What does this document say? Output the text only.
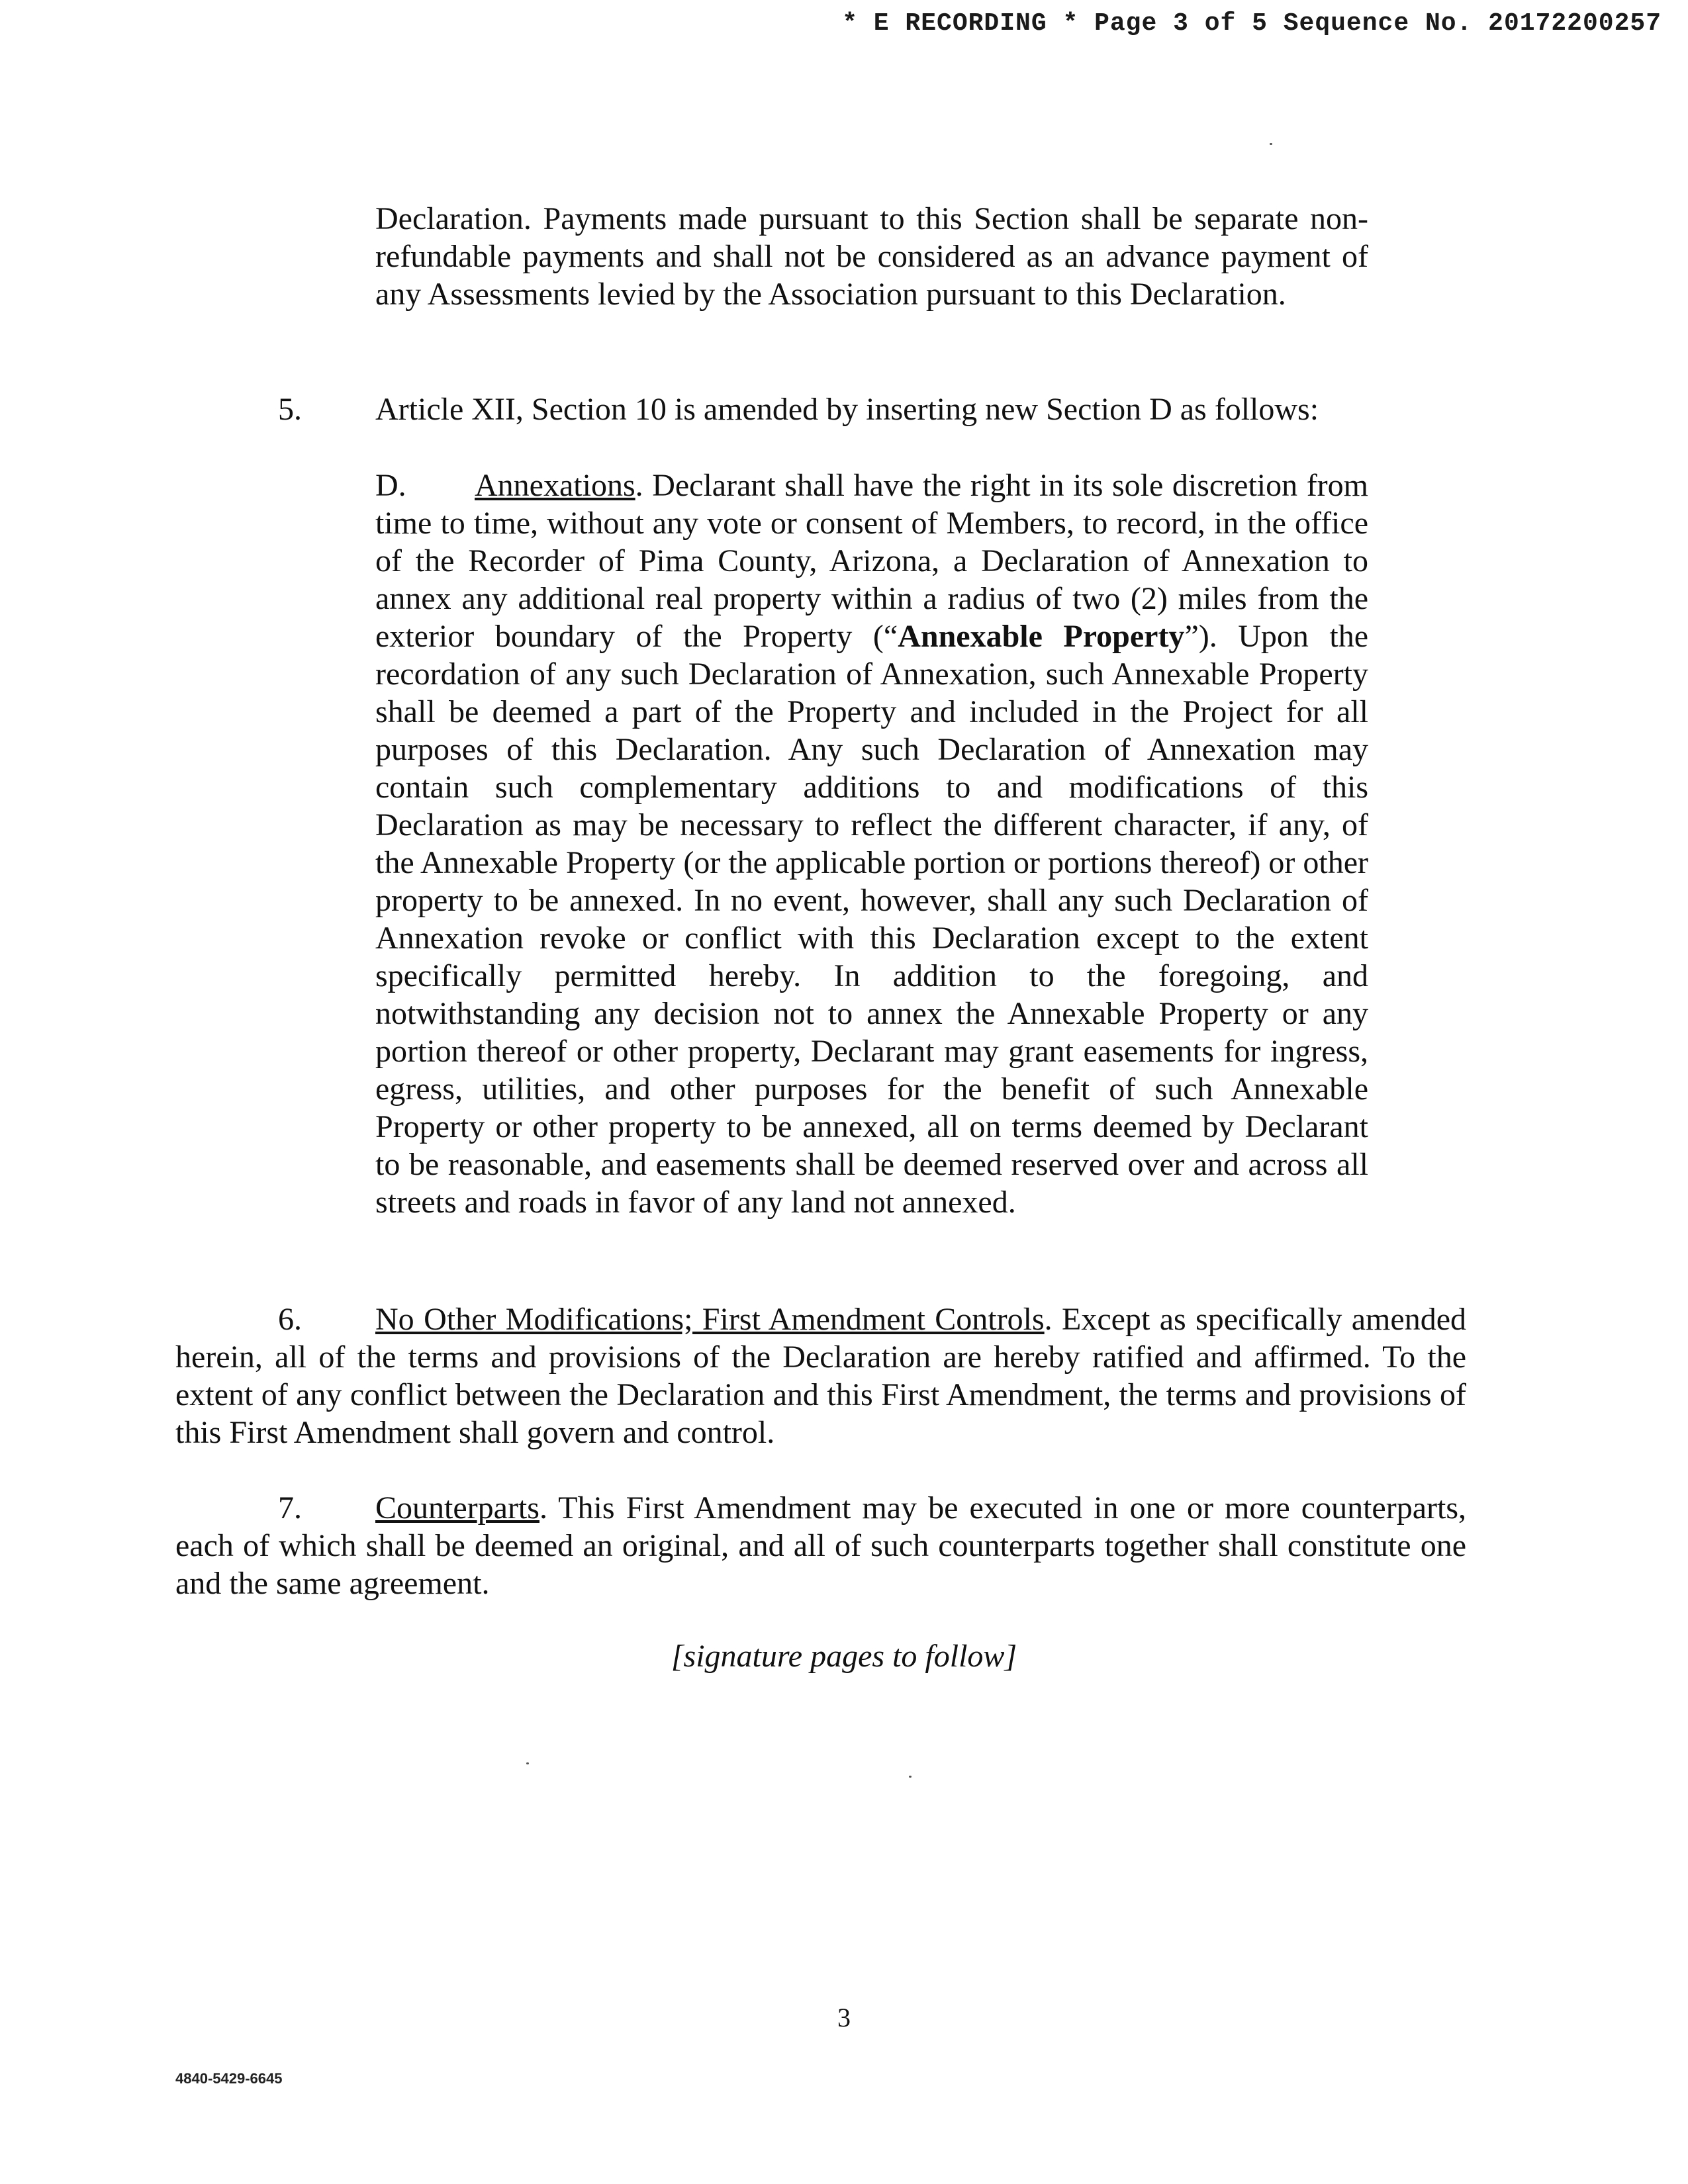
* E RECORDING * Page 3 of 5 Sequence No. 20172200257
Declaration. Payments made pursuant to this Section shall be separate non-refundable payments and shall not be considered as an advance payment of any Assessments levied by the Association pursuant to this Declaration.
5. Article XII, Section 10 is amended by inserting new Section D as follows:
D. Annexations. Declarant shall have the right in its sole discretion from time to time, without any vote or consent of Members, to record, in the office of the Recorder of Pima County, Arizona, a Declaration of Annexation to annex any additional real property within a radius of two (2) miles from the exterior boundary of the Property (“Annexable Property”). Upon the recordation of any such Declaration of Annexation, such Annexable Property shall be deemed a part of the Property and included in the Project for all purposes of this Declaration. Any such Declaration of Annexation may contain such complementary additions to and modifications of this Declaration as may be necessary to reflect the different character, if any, of the Annexable Property (or the applicable portion or portions thereof) or other property to be annexed. In no event, however, shall any such Declaration of Annexation revoke or conflict with this Declaration except to the extent specifically permitted hereby. In addition to the foregoing, and notwithstanding any decision not to annex the Annexable Property or any portion thereof or other property, Declarant may grant easements for ingress, egress, utilities, and other purposes for the benefit of such Annexable Property or other property to be annexed, all on terms deemed by Declarant to be reasonable, and easements shall be deemed reserved over and across all streets and roads in favor of any land not annexed.
6. No Other Modifications; First Amendment Controls. Except as specifically amended herein, all of the terms and provisions of the Declaration are hereby ratified and affirmed. To the extent of any conflict between the Declaration and this First Amendment, the terms and provisions of this First Amendment shall govern and control.
7. Counterparts. This First Amendment may be executed in one or more counterparts, each of which shall be deemed an original, and all of such counterparts together shall constitute one and the same agreement.
[signature pages to follow]
3
4840-5429-6645
